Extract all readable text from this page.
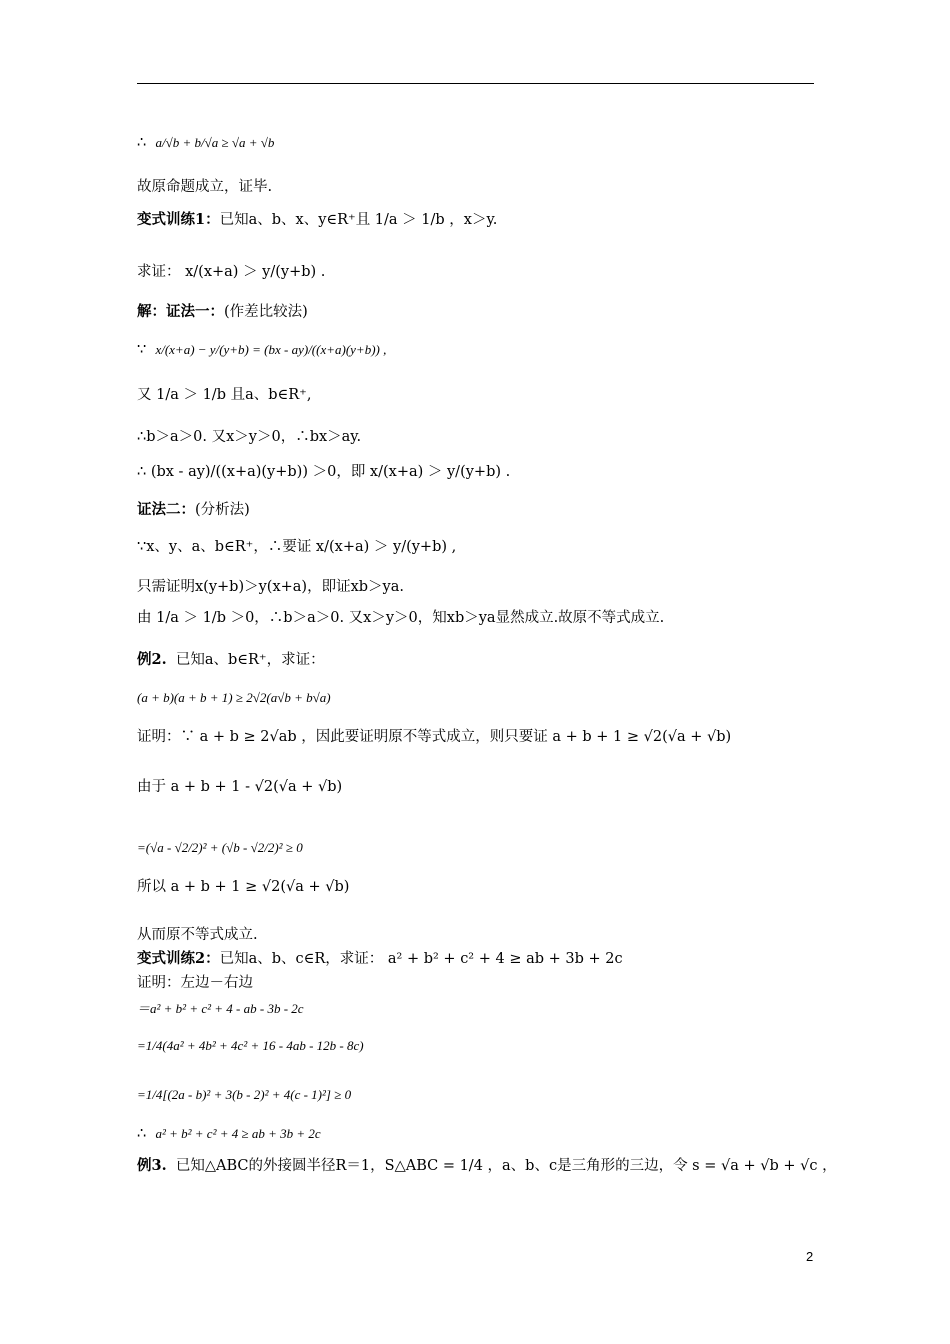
∴ a/√b + b/√a ≥ √a + √b
故原命题成立，证毕.
变式训练1：已知a、b、x、y∈R⁺且 1/a ＞ 1/b ，x＞y.
求证： x/(x+a) ＞ y/(y+b) .
解：证法一：(作差比较法)
∵ x/(x+a) − y/(y+b) = (bx - ay)/((x+a)(y+b)) ,
又 1/a ＞ 1/b 且a、b∈R⁺,
∴b＞a＞0. 又x＞y＞0，∴bx＞ay.
∴ (bx - ay)/((x+a)(y+b)) ＞0，即 x/(x+a) ＞ y/(y+b) .
证法二：(分析法)
∵x、y、a、b∈R⁺，∴要证 x/(x+a) ＞ y/(y+b) ,
只需证明x(y+b)＞y(x+a)，即证xb＞ya.
由 1/a ＞ 1/b ＞0，∴b＞a＞0. 又x＞y＞0，知xb＞ya显然成立.故原不等式成立.
例2. 已知a、b∈R⁺，求证：
(a + b)(a + b + 1) ≥ 2√2(a√b + b√a)
证明：∵ a + b ≥ 2√ab ，因此要证明原不等式成立，则只要证 a + b + 1 ≥ √2(√a + √b)
由于 a + b + 1 - √2(√a + √b)
=(√a - √2/2)² + (√b - √2/2)² ≥ 0
所以 a + b + 1 ≥ √2(√a + √b)
从而原不等式成立.
变式训练2：已知a、b、c∈R，求证： a² + b² + c² + 4 ≥ ab + 3b + 2c
证明：左边－右边
＝a² + b² + c² + 4 - ab - 3b - 2c
=1/4(4a² + 4b² + 4c² + 16 - 4ab - 12b - 8c)
=1/4[(2a - b)² + 3(b - 2)² + 4(c - 1)²] ≥ 0
∴ a² + b² + c² + 4 ≥ ab + 3b + 2c
例3. 已知△ABC的外接圆半径R＝1，S△ABC = 1/4 ，a、b、c是三角形的三边，令 s = √a + √b + √c ，
2
